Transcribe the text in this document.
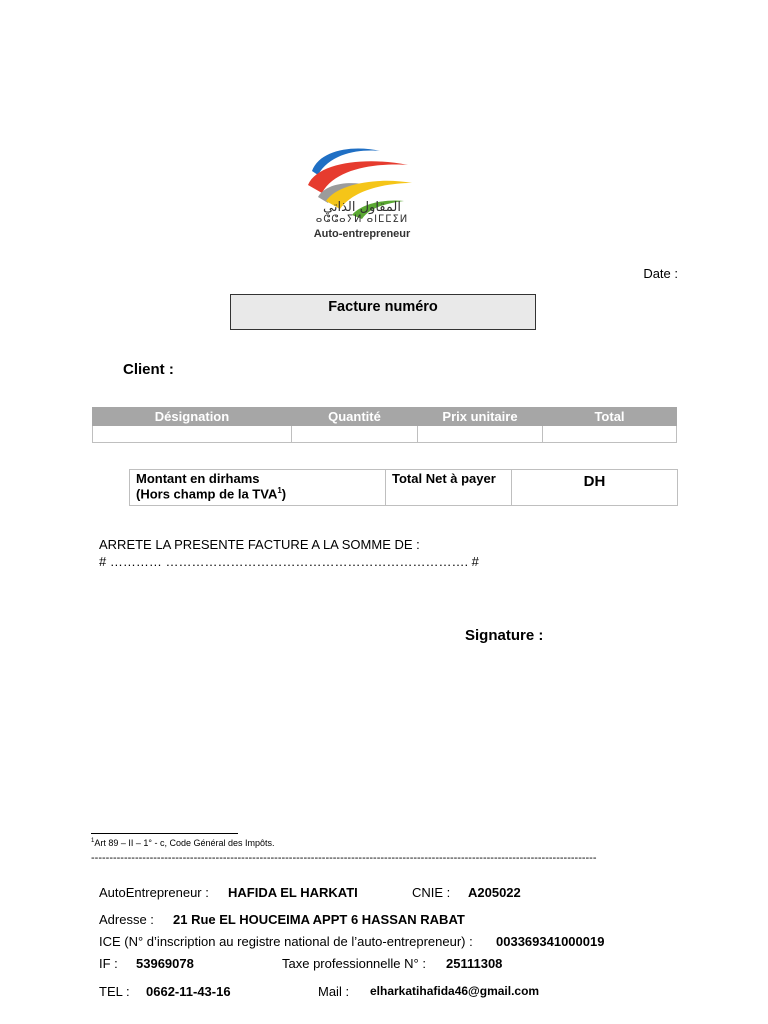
المقاول الذاتي
ⴰⵛⵛⴰⵢⵍ ⴰⵏⵎⵎⵉⵍ
Auto-entrepreneur
Date :
Facture numéro
Client :
Désignation	Quantité	Prix unitaire	Total

Montant en dirhams
(Hors champ de la TVA$^1$)
	Total Net à payer	DH
ARRETE LA PRESENTE FACTURE A LA SOMME DE :
# ………… ……………………………………………………………. #
Signature :
$^1$Art 89 – II – 1° - c, Code Général des Impôts.
------------------------------------------------------------------------------------------------------------------------------------------
AutoEntrepreneur : HAFIDA EL HARKATI	CNIE : A205022
Adresse : 21 Rue EL HOUCEIMA APPT 6 HASSAN RABAT
ICE (N° d’inscription au registre national de l’auto-entrepreneur) : 003369341000019
IF : 53969078	Taxe professionnelle N° : 25111308
TEL : 0662-11-43-16	Mail : elharkatihafida46@gmail.com
